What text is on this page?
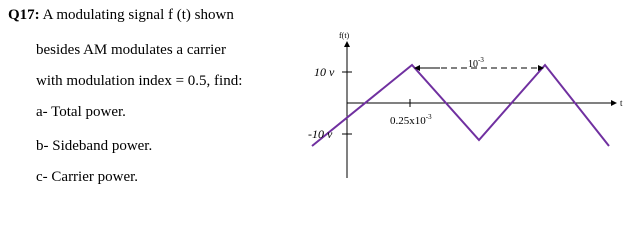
Q17: A modulating signal f (t) shown
besides AM modulates a carrier
with modulation index = 0.5, find:
a- Total power.
b- Sideband power.
c- Carrier power.
f(t)
10 v
-10 v
t
$10^{-3}$
$0.25x10^{-3}$
